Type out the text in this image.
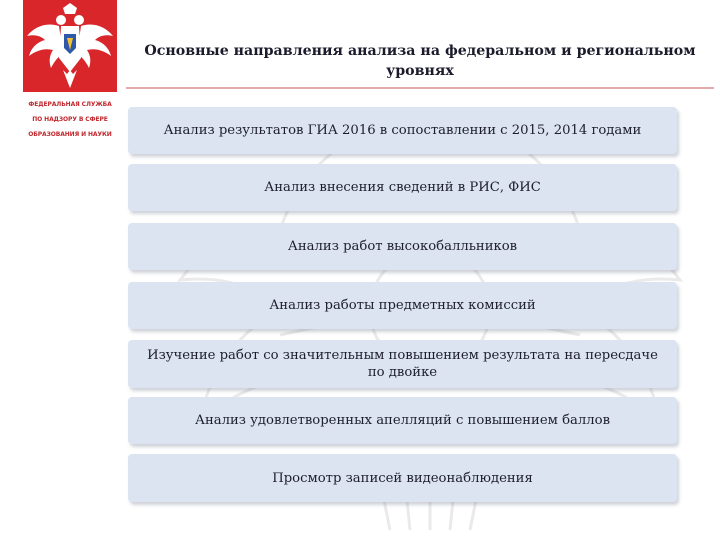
ФЕДЕРАЛЬНАЯ СЛУЖБА
ПО НАДЗОРУ В СФЕРЕ
ОБРАЗОВАНИЯ И НАУКИ
Основные направления анализа на федеральном и региональном уровнях
Анализ результатов ГИА 2016 в сопоставлении с 2015, 2014 годами
Анализ внесения сведений в РИС, ФИС
Анализ работ высокобалльников
Анализ работы предметных комиссий
Изучение работ со значительным повышением результата на пересдаче по двойке
Анализ удовлетворенных апелляций с повышением баллов
Просмотр записей видеонаблюдения
